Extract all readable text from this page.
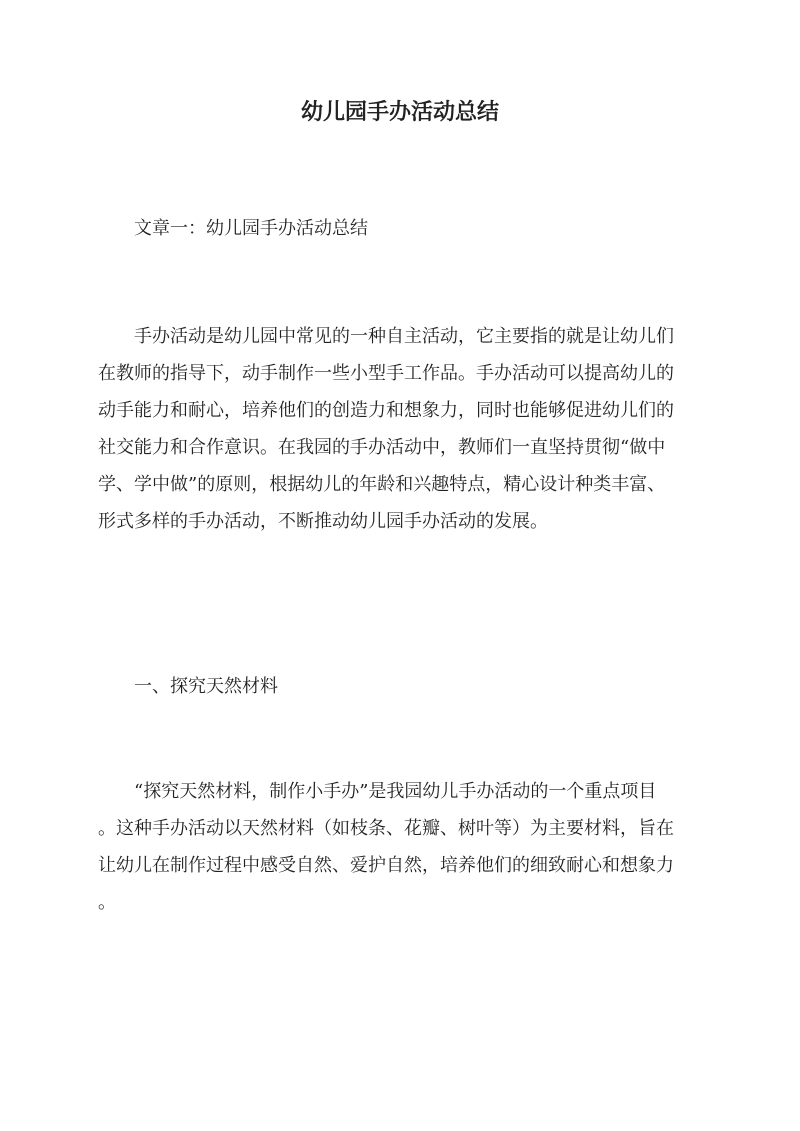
幼儿园手办活动总结

文章一：幼儿园手办活动总结

手办活动是幼儿园中常见的一种自主活动，它主要指的就是让幼儿们
在教师的指导下，动手制作一些小型手工作品。手办活动可以提高幼儿的
动手能力和耐心，培养他们的创造力和想象力，同时也能够促进幼儿们的
社交能力和合作意识。在我园的手办活动中，教师们一直坚持贯彻“做中
学、学中做”的原则，根据幼儿的年龄和兴趣特点，精心设计种类丰富、
形式多样的手办活动，不断推动幼儿园手办活动的发展。

一、探究天然材料

“探究天然材料，制作小手办”是我园幼儿手办活动的一个重点项目
。这种手办活动以天然材料（如枝条、花瓣、树叶等）为主要材料，旨在
让幼儿在制作过程中感受自然、爱护自然，培养他们的细致耐心和想象力
。
